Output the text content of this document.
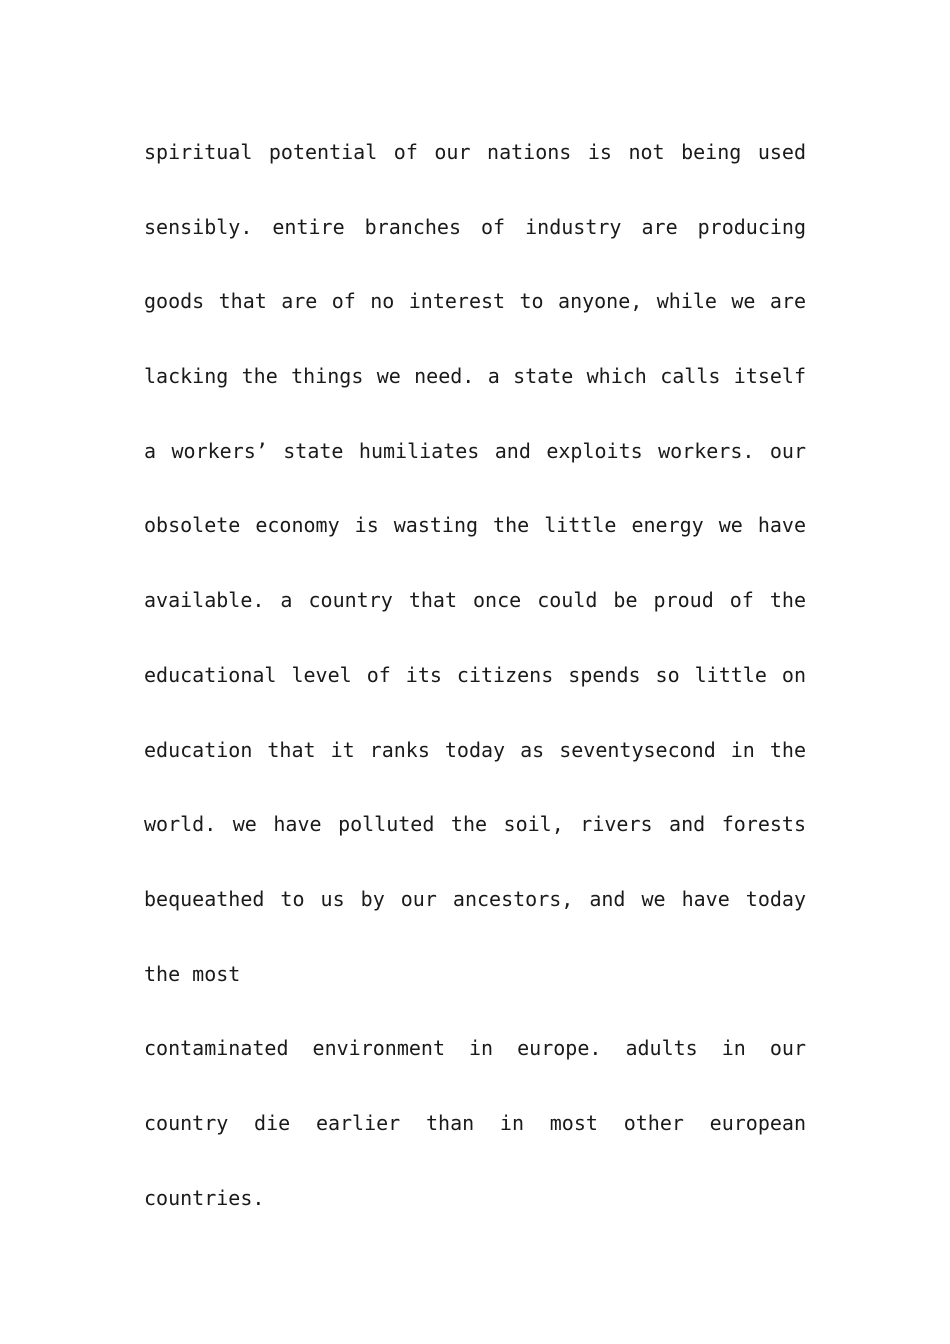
spiritual potential of our nations is not being used
sensibly. entire branches of industry are producing
goods that are of no interest to anyone, while we are
lacking the things we need. a state which calls itself
a workers’ state humiliates and exploits workers. our
obsolete economy is wasting the little energy we have
available. a country that once could be proud of the
educational level of its citizens spends so little on
education that it ranks today as seventysecond in the
world. we have polluted the soil, rivers and forests
bequeathed to us by our ancestors, and we have today
the most
contaminated environment in europe. adults in our
country die earlier than in most other european
countries.
